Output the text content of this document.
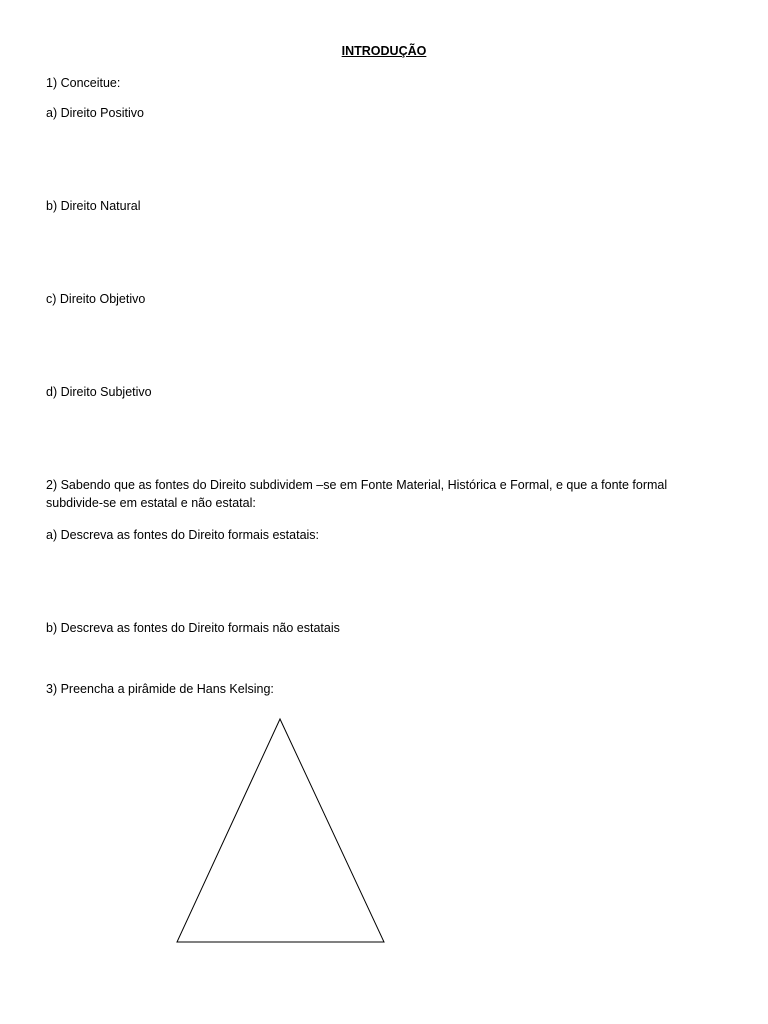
INTRODUÇÃO
1) Conceitue:
a) Direito Positivo
b) Direito Natural
c) Direito Objetivo
d) Direito Subjetivo
2) Sabendo que as fontes do Direito subdividem –se em Fonte Material, Histórica e Formal, e que a fonte formal
subdivide-se em estatal e não estatal:
a) Descreva as fontes do Direito formais estatais:
b) Descreva as fontes do Direito formais não estatais
3) Preencha a pirâmide de Hans Kelsing:
